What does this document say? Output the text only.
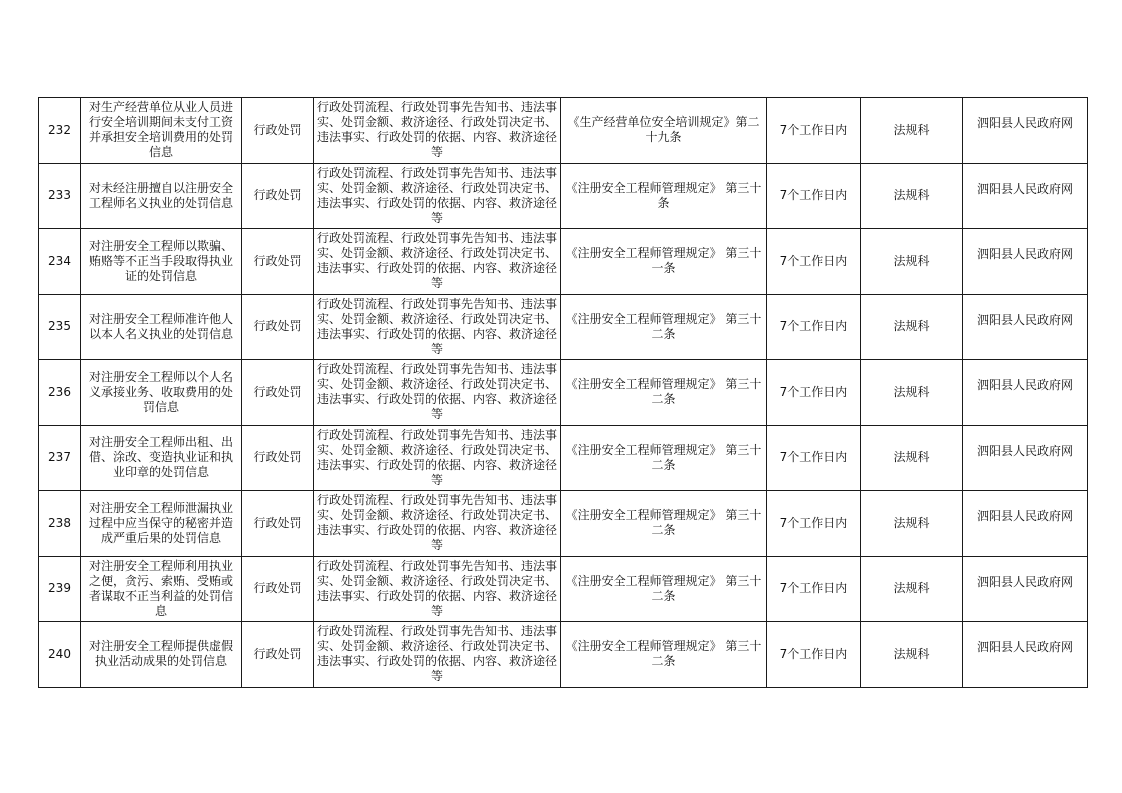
232	对生产经营单位从业人员进行安全培训期间未支付工资并承担安全培训费用的处罚信息	行政处罚	行政处罚流程、行政处罚事先告知书、违法事实、处罚金额、救济途径、行政处罚决定书、违法事实、行政处罚的依据、内容、救济途径等	《生产经营单位安全培训规定》第二十九条	7个工作日内	法规科	泗阳县人民政府网
233	对未经注册擅自以注册安全工程师名义执业的处罚信息	行政处罚	行政处罚流程、行政处罚事先告知书、违法事实、处罚金额、救济途径、行政处罚决定书、违法事实、行政处罚的依据、内容、救济途径等	《注册安全工程师管理规定》 第三十条	7个工作日内	法规科	泗阳县人民政府网
234	对注册安全工程师以欺骗、贿赂等不正当手段取得执业证的处罚信息	行政处罚	行政处罚流程、行政处罚事先告知书、违法事实、处罚金额、救济途径、行政处罚决定书、违法事实、行政处罚的依据、内容、救济途径等	《注册安全工程师管理规定》 第三十一条	7个工作日内	法规科	泗阳县人民政府网
235	对注册安全工程师准许他人以本人名义执业的处罚信息	行政处罚	行政处罚流程、行政处罚事先告知书、违法事实、处罚金额、救济途径、行政处罚决定书、违法事实、行政处罚的依据、内容、救济途径等	《注册安全工程师管理规定》 第三十二条	7个工作日内	法规科	泗阳县人民政府网
236	对注册安全工程师以个人名义承接业务、收取费用的处罚信息	行政处罚	行政处罚流程、行政处罚事先告知书、违法事实、处罚金额、救济途径、行政处罚决定书、违法事实、行政处罚的依据、内容、救济途径等	《注册安全工程师管理规定》 第三十二条	7个工作日内	法规科	泗阳县人民政府网
237	对注册安全工程师出租、出借、涂改、变造执业证和执业印章的处罚信息	行政处罚	行政处罚流程、行政处罚事先告知书、违法事实、处罚金额、救济途径、行政处罚决定书、违法事实、行政处罚的依据、内容、救济途径等	《注册安全工程师管理规定》 第三十二条	7个工作日内	法规科	泗阳县人民政府网
238	对注册安全工程师泄漏执业过程中应当保守的秘密并造成严重后果的处罚信息	行政处罚	行政处罚流程、行政处罚事先告知书、违法事实、处罚金额、救济途径、行政处罚决定书、违法事实、行政处罚的依据、内容、救济途径等	《注册安全工程师管理规定》 第三十二条	7个工作日内	法规科	泗阳县人民政府网
239	对注册安全工程师利用执业之便，贪污、索贿、受贿或者谋取不正当利益的处罚信息	行政处罚	行政处罚流程、行政处罚事先告知书、违法事实、处罚金额、救济途径、行政处罚决定书、违法事实、行政处罚的依据、内容、救济途径等	《注册安全工程师管理规定》 第三十二条	7个工作日内	法规科	泗阳县人民政府网
240	对注册安全工程师提供虚假执业活动成果的处罚信息	行政处罚	行政处罚流程、行政处罚事先告知书、违法事实、处罚金额、救济途径、行政处罚决定书、违法事实、行政处罚的依据、内容、救济途径等	《注册安全工程师管理规定》 第三十二条	7个工作日内	法规科	泗阳县人民政府网
